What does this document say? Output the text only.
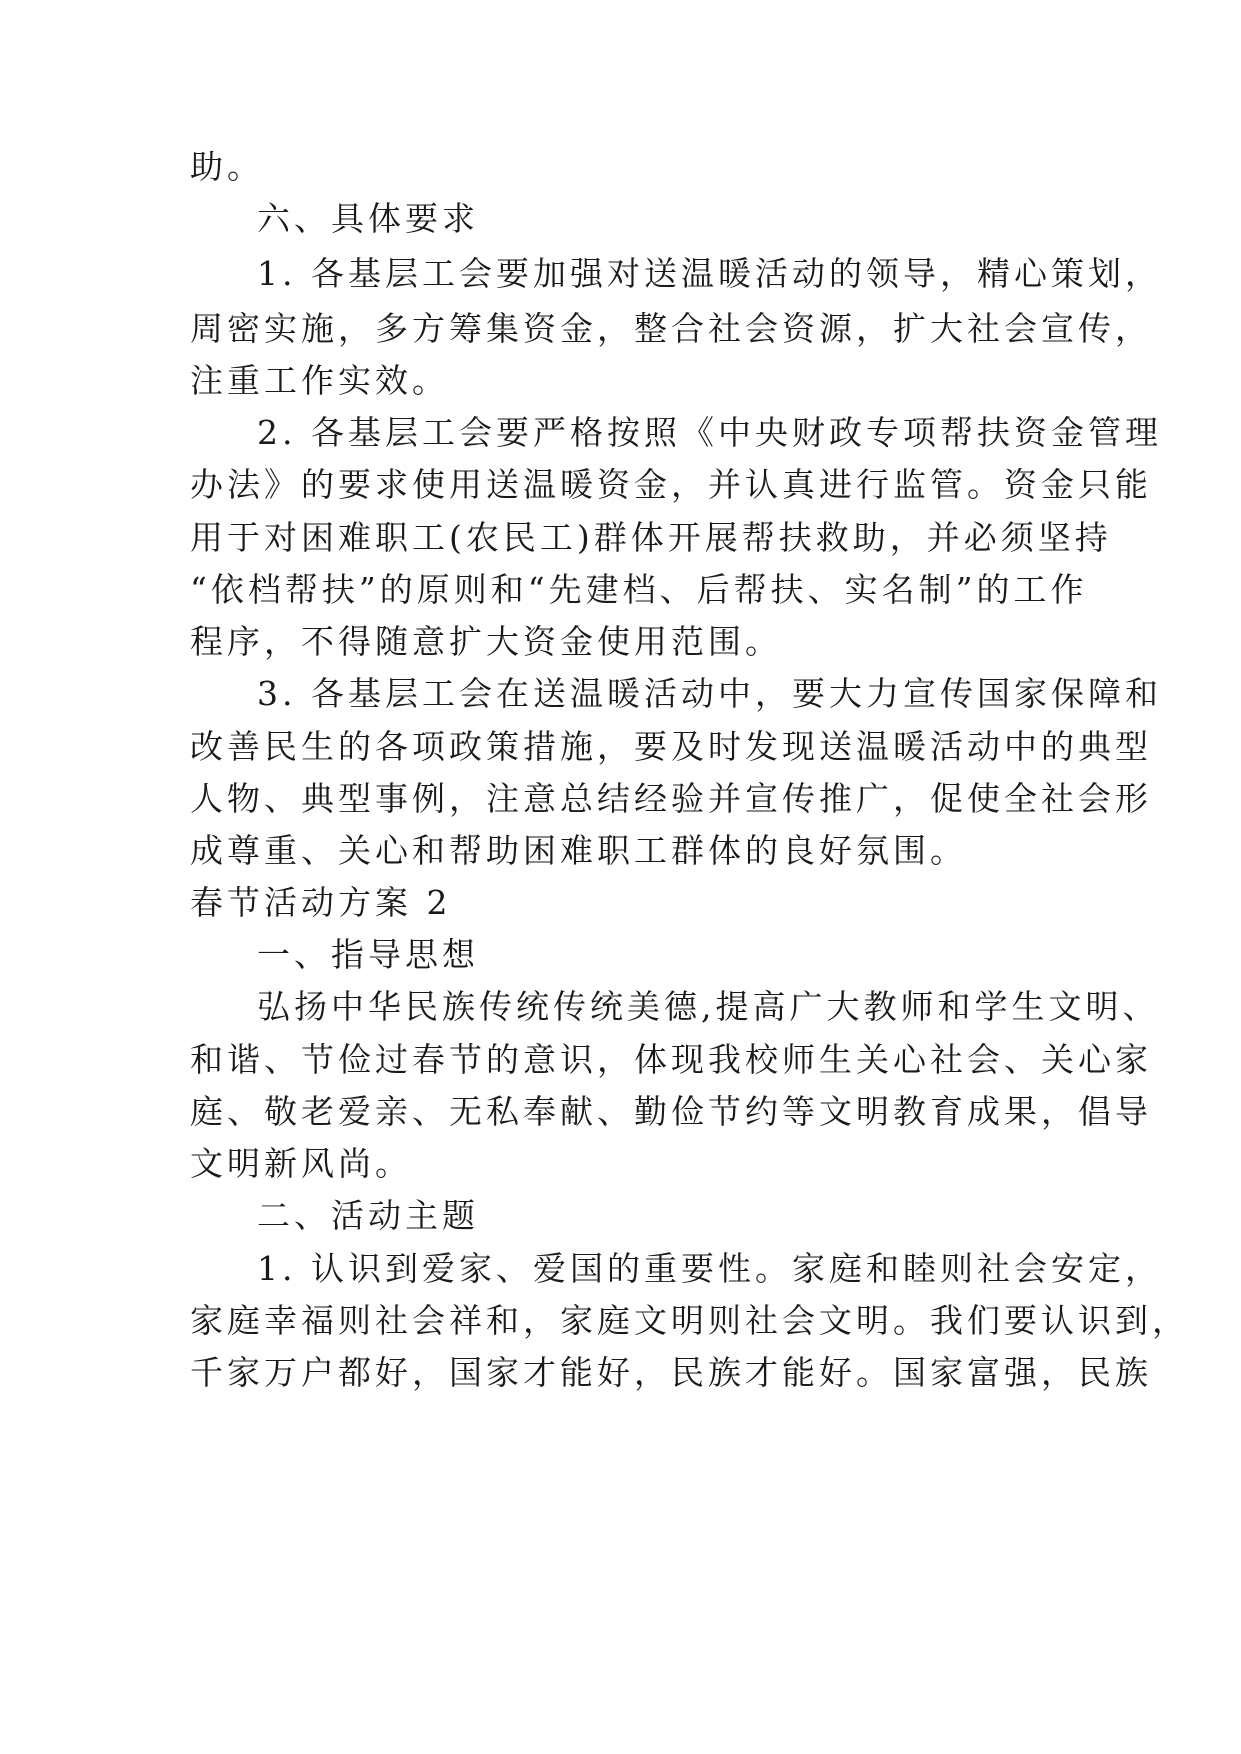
助。
六、具体要求
1. 各基层工会要加强对送温暖活动的领导，精心策划，
周密实施，多方筹集资金，整合社会资源，扩大社会宣传，
注重工作实效。
2. 各基层工会要严格按照《中央财政专项帮扶资金管理
办法》的要求使用送温暖资金，并认真进行监管。资金只能
用于对困难职工(农民工)群体开展帮扶救助，并必须坚持
“依档帮扶”的原则和“先建档、后帮扶、实名制”的工作
程序，不得随意扩大资金使用范围。
3. 各基层工会在送温暖活动中，要大力宣传国家保障和
改善民生的各项政策措施，要及时发现送温暖活动中的典型
人物、典型事例，注意总结经验并宣传推广，促使全社会形
成尊重、关心和帮助困难职工群体的良好氛围。
春节活动方案 2
一、指导思想
弘扬中华民族传统传统美德,提高广大教师和学生文明、
和谐、节俭过春节的意识，体现我校师生关心社会、关心家
庭、敬老爱亲、无私奉献、勤俭节约等文明教育成果，倡导
文明新风尚。
二、活动主题
1. 认识到爱家、爱国的重要性。家庭和睦则社会安定，
家庭幸福则社会祥和，家庭文明则社会文明。我们要认识到，
千家万户都好，国家才能好，民族才能好。国家富强，民族
